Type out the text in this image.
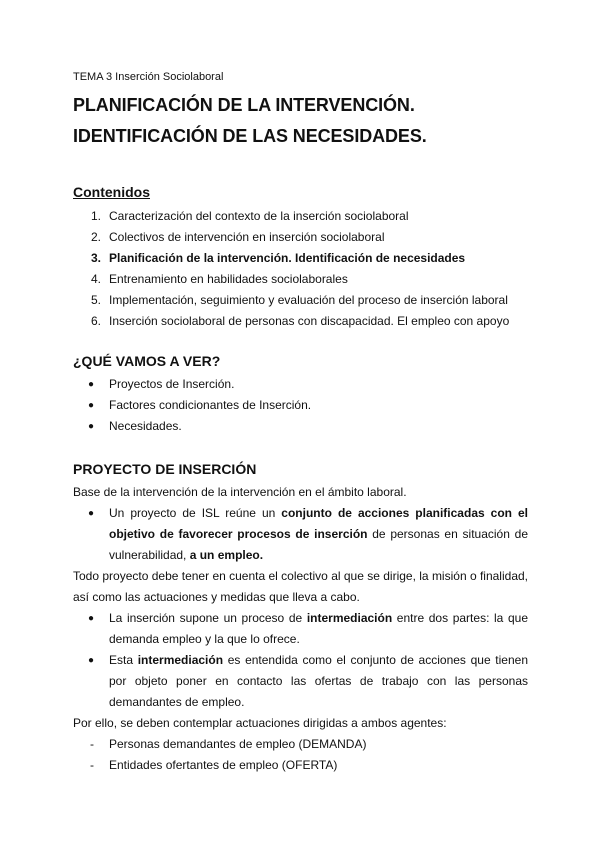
TEMA 3 Inserción Sociolaboral

PLANIFICACIÓN DE LA INTERVENCIÓN.
IDENTIFICACIÓN DE LAS NECESIDADES.
Contenidos
1. Caracterización del contexto de la inserción sociolaboral
2. Colectivos de intervención en inserción sociolaboral
3. Planificación de la intervención. Identificación de necesidades
4. Entrenamiento en habilidades sociolaborales
5. Implementación, seguimiento y evaluación del proceso de inserción laboral
6. Inserción sociolaboral de personas con discapacidad. El empleo con apoyo
¿QUÉ VAMOS A VER?
●	Proyectos de Inserción.
●	Factores condicionantes de Inserción.
●	Necesidades.
PROYECTO DE INSERCIÓN

Base de la intervención de la intervención en el ámbito laboral.

●	Un proyecto de ISL reúne un conjunto de acciones planificadas con el objetivo de favorecer procesos de inserción de personas en situación de vulnerabilidad, a un empleo.

Todo proyecto debe tener en cuenta el colectivo al que se dirige, la misión o finalidad, así como las actuaciones y medidas que lleva a cabo.

●	La inserción supone un proceso de intermediación entre dos partes: la que demanda empleo y la que lo ofrece.
●	Esta intermediación es entendida como el conjunto de acciones que tienen por objeto poner en contacto las ofertas de trabajo con las personas demandantes de empleo.

Por ello, se deben contemplar actuaciones dirigidas a ambos agentes:

-	Personas demandantes de empleo (DEMANDA)
-	Entidades ofertantes de empleo (OFERTA)
